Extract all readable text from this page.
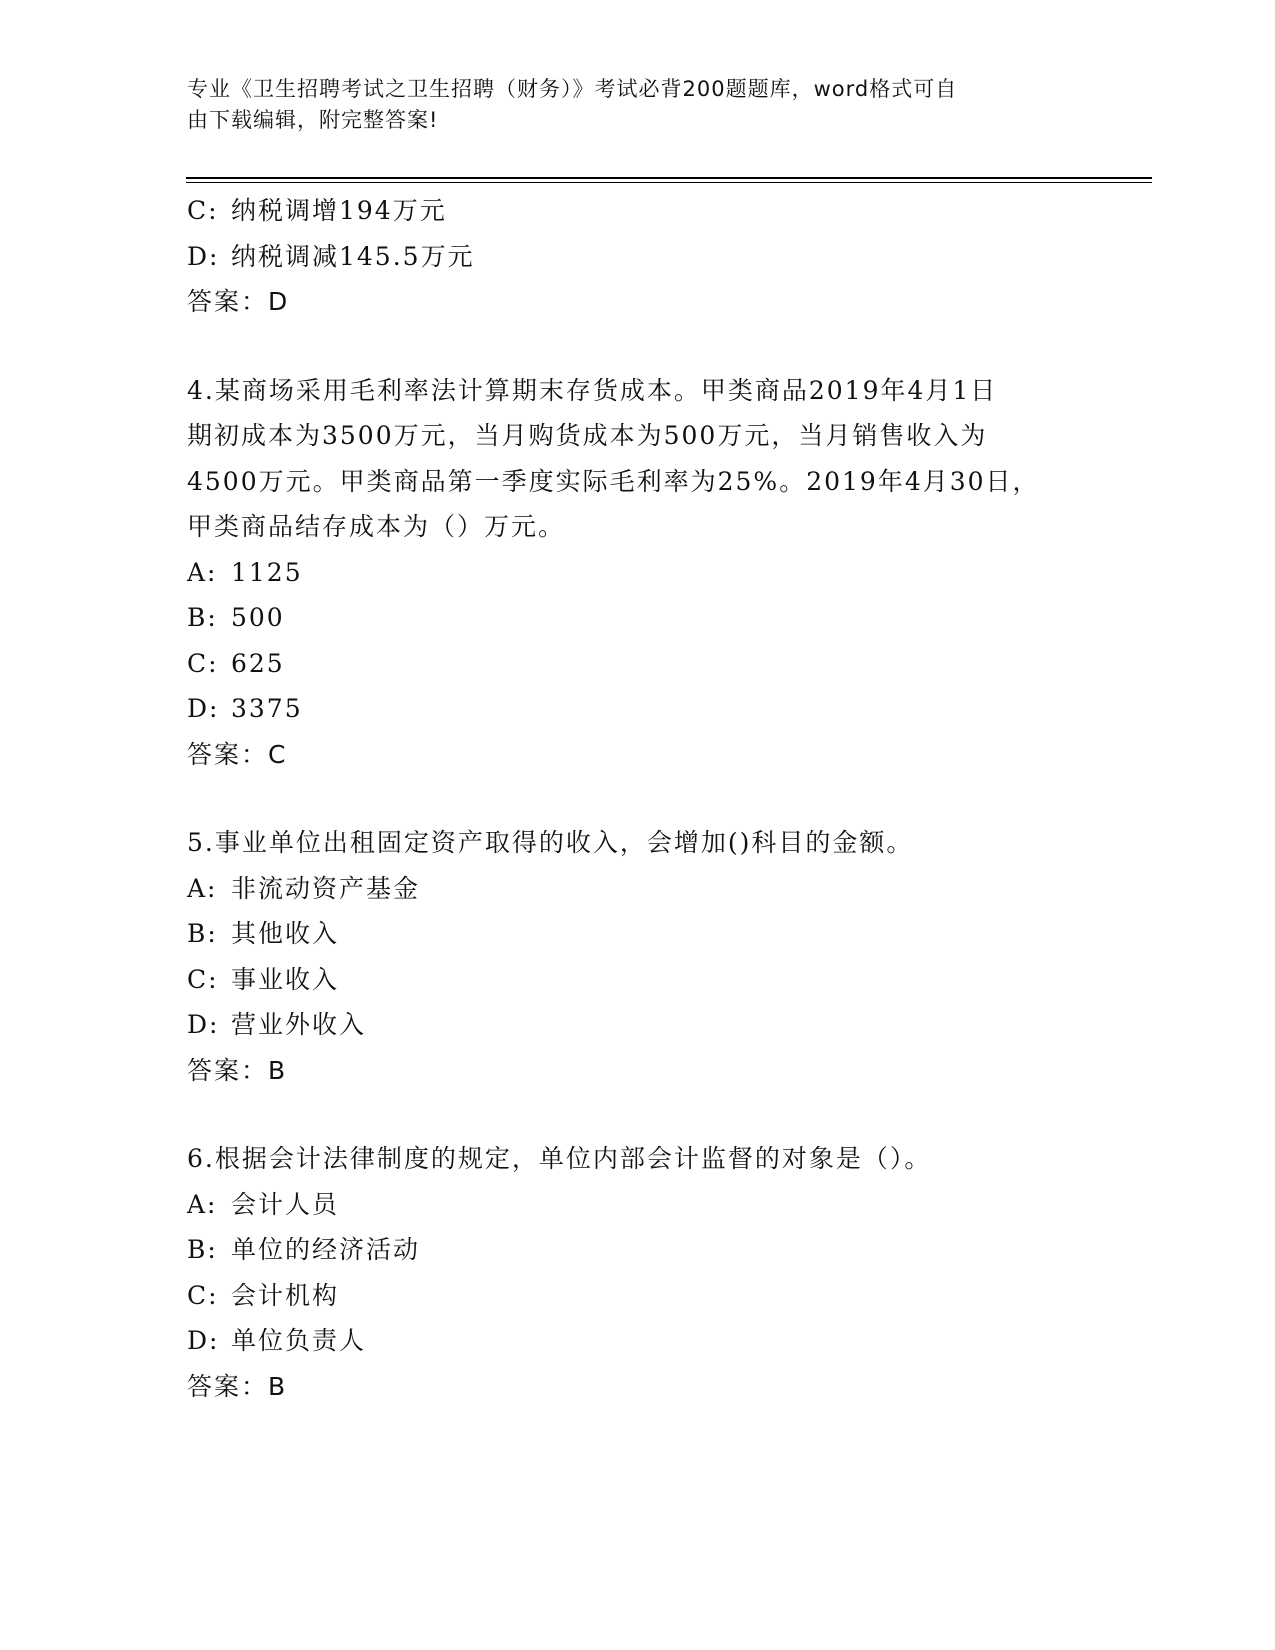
专业《卫生招聘考试之卫生招聘（财务）》考试必背200题题库，word格式可自
由下载编辑，附完整答案!
C: 纳税调增194万元
D: 纳税调减145.5万元
答案：D
4.某商场采用毛利率法计算期末存货成本。甲类商品2019年4月1日
期初成本为3500万元，当月购货成本为500万元，当月销售收入为
4500万元。甲类商品第一季度实际毛利率为25%。2019年4月30日，
甲类商品结存成本为（）万元。
A: 1125
B: 500
C: 625
D: 3375
答案：C
5.事业单位出租固定资产取得的收入，会增加()科目的金额。
A: 非流动资产基金
B: 其他收入
C: 事业收入
D: 营业外收入
答案：B
6.根据会计法律制度的规定，单位内部会计监督的对象是（）。
A: 会计人员
B: 单位的经济活动
C: 会计机构
D: 单位负责人
答案：B
